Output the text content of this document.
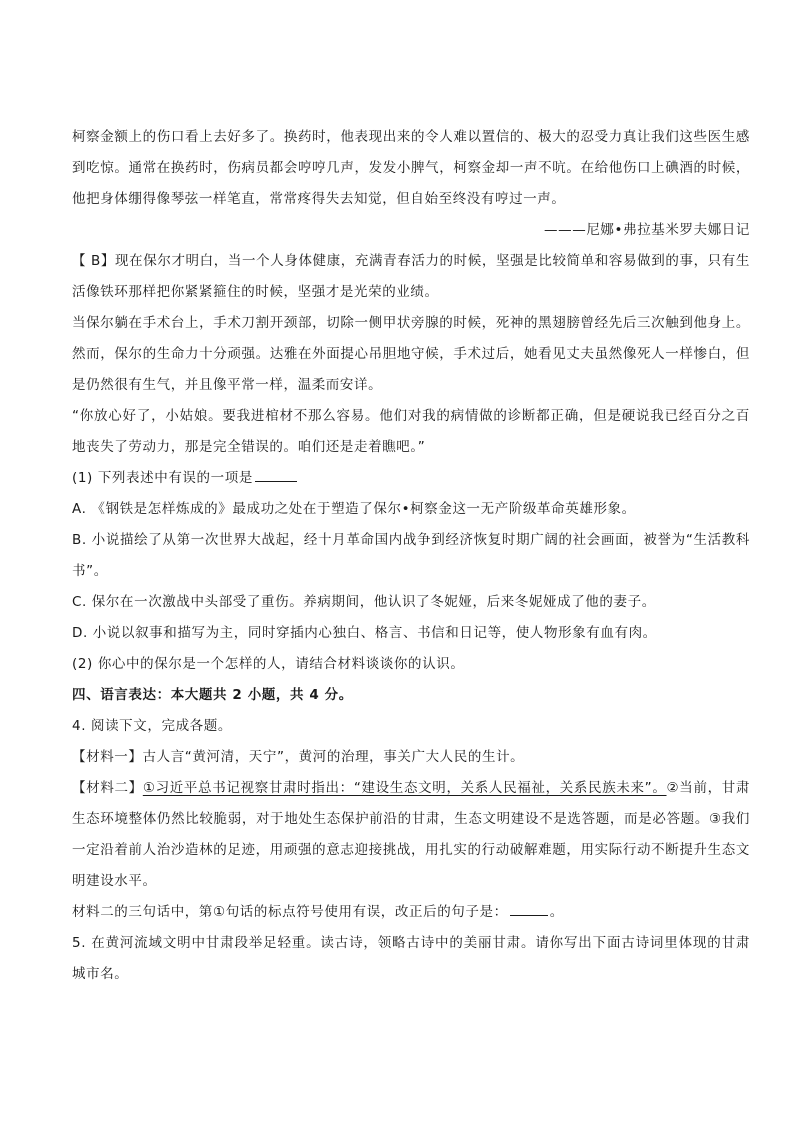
柯察金额上的伤口看上去好多了。换药时，他表现出来的令人难以置信的、极大的忍受力真让我们这些医生感到吃惊。通常在换药时，伤病员都会哼哼几声，发发小脾气，柯察金却一声不吭。在给他伤口上碘酒的时候，他把身体绷得像琴弦一样笔直，常常疼得失去知觉，但自始至终没有哼过一声。

———尼娜•弗拉基米罗夫娜日记

【 B】现在保尔才明白，当一个人身体健康，充满青春活力的时候，坚强是比较简单和容易做到的事，只有生活像铁环那样把你紧紧箍住的时候，坚强才是光荣的业绩。

当保尔躺在手术台上，手术刀割开颈部，切除一侧甲状旁腺的时候，死神的黑翅膀曾经先后三次触到他身上。然而，保尔的生命力十分顽强。达雅在外面提心吊胆地守候，手术过后，她看见丈夫虽然像死人一样惨白，但是仍然很有生气，并且像平常一样，温柔而安详。

“你放心好了，小姑娘。要我进棺材不那么容易。他们对我的病情做的诊断都正确，但是硬说我已经百分之百地丧失了劳动力，那是完全错误的。咱们还是走着瞧吧。”

(1) 下列表述中有误的一项是

A. 《钢铁是怎样炼成的》最成功之处在于塑造了保尔•柯察金这一无产阶级革命英雄形象。

B. 小说描绘了从第一次世界大战起，经十月革命国内战争到经济恢复时期广阔的社会画面，被誉为“生活教科书”。

C. 保尔在一次激战中头部受了重伤。养病期间，他认识了冬妮娅，后来冬妮娅成了他的妻子。

D. 小说以叙事和描写为主，同时穿插内心独白、格言、书信和日记等，使人物形象有血有肉。

(2) 你心中的保尔是一个怎样的人，请结合材料谈谈你的认识。

四、语言表达：本大题共 2 小题，共 4 分。

4. 阅读下文，完成各题。

【材料一】古人言“黄河清，天宁”，黄河的治理，事关广大人民的生计。

【材料二】①习近平总书记视察甘肃时指出：“建设生态文明，关系人民福祉，关系民族未来”。②当前，甘肃生态环境整体仍然比较脆弱，对于地处生态保护前沿的甘肃，生态文明建设不是选答题，而是必答题。③我们一定沿着前人治沙造林的足迹，用顽强的意志迎接挑战，用扎实的行动破解难题，用实际行动不断提升生态文明建设水平。

材料二的三句话中，第①句话的标点符号使用有误，改正后的句子是：	。

5. 在黄河流域文明中甘肃段举足轻重。读古诗，领略古诗中的美丽甘肃。请你写出下面古诗词里体现的甘肃城市名。
